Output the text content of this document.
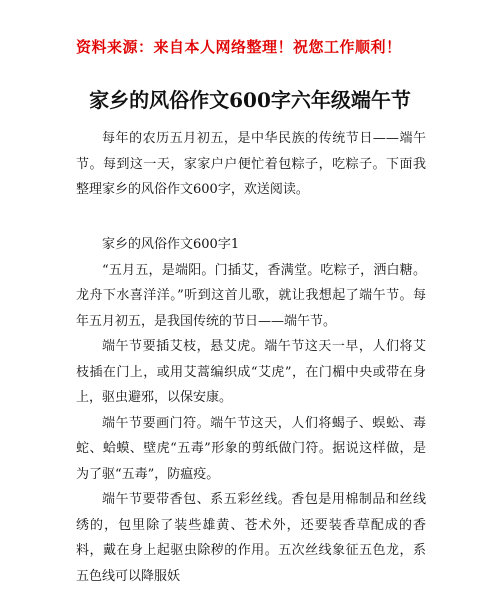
资料来源：来自本人网络整理！祝您工作顺利！
家乡的风俗作文600字六年级端午节

每年的农历五月初五，是中华民族的传统节日——端午节。每到这一天，家家户户便忙着包粽子，吃粽子。下面我整理家乡的风俗作文600字，欢送阅读。

家乡的风俗作文600字1

“五月五，是端阳。门插艾，香满堂。吃粽子，洒白糖。龙舟下水喜洋洋。”听到这首儿歌，就让我想起了端午节。每年五月初五，是我国传统的节日——端午节。

端午节要插艾枝，悬艾虎。端午节这天一早，人们将艾枝插在门上，或用艾蒿编织成“艾虎”，在门楣中央或带在身上，驱虫避邪，以保安康。

端午节要画门符。端午节这天，人们将蝎子、蜈蚣、毒蛇、蛤蟆、壁虎“五毒”形象的剪纸做门符。据说这样做，是为了驱“五毒”，防瘟疫。

端午节要带香包、系五彩丝线。香包是用棉制品和丝线绣的，包里除了装些雄黄、苍术外，还要装香草配成的香料，戴在身上起驱虫除秽的作用。五次丝线象征五色龙，系五色线可以降服妖
